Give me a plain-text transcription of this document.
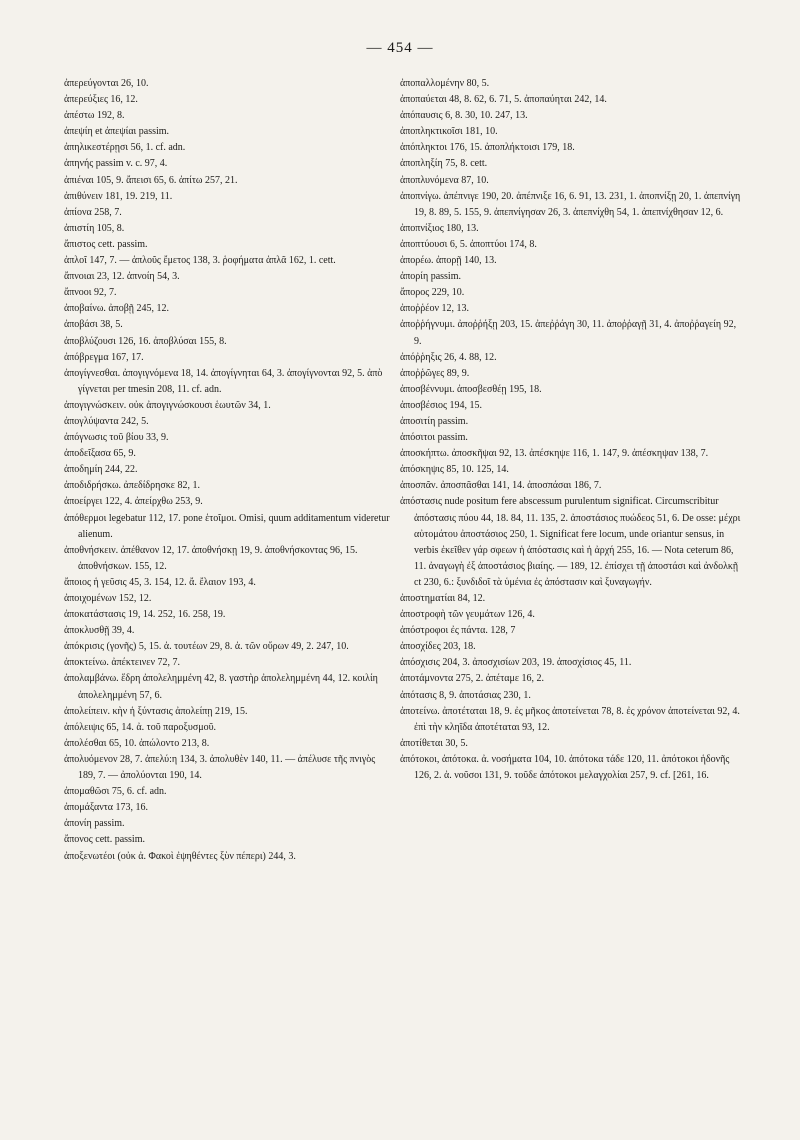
— 454 —
ἀπερεύγονται 26, 10.
ἀπερεύξιες 16, 12.
ἀπέστω 192, 8.
ἀπεψίη et ἀπεψίαι passim.
ἀπηλικεστέρῃσι 56, 1. cf. adn.
ἀπηνής passim v. c. 97, 4.
ἀπιέναι 105, 9. ἄπεισι 65, 6. ἀπίτω 257, 21.
ἀπιθύνειν 181, 19. 219, 11.
ἀπίονα 258, 7.
ἀπιστίη 105, 8.
ἄπιστος cett. passim.
ἀπλοῖ 147, 7. — ἁπλοῦς ἔμετος 138, 3. ῥοφήματα ἁπλᾶ 162, 1. cett.
ἄπνοιαι 23, 12. ἀπνοίη 54, 3.
ἄπνοοι 92, 7.
ἀποβαίνω. ἀποβῇ 245, 12.
ἀποβάσι 38, 5.
ἀποβλύζουσι 126, 16. ἀποβλύσαι 155, 8.
ἀπόβρεγμα 167, 17.
ἀπογίγνεσθαι. ἀπογιγνόμενα 18, 14. ἀπογίγνηται 64, 3. ἀπογίγνονται 92, 5. ἀπὸ γίγνεται per tmesin 208, 11. cf. adn.
ἀπογιγνώσκειν. οὐκ ἀπογιγνώσκουσι ἑωυτῶν 34, 1.
ἀπογλύψαντα 242, 5.
ἀπόγνωσις τοῦ βίου 33, 9.
ἀποδεῖξασα 65, 9.
ἀποδημίη 244, 22.
ἀποδιδρήσκω. ἀπεδίδρησκε 82, 1.
ἀποείργει 122, 4. ἀπείρχθω 253, 9.
ἀπόθερμοι legebatur 112, 17. pone ἑτοῖμοι. Omisi, quum additamentum videretur alienum.
ἀποθνήσκειν. ἀπέθανον 12, 17. ἀποθνήσκῃ 19, 9. ἀποθνήσκοντας 96, 15. ἀποθνήσκων. 155, 12.
ἄποιος ἡ γεῦσις 45, 3. 154, 12. ἄ. ἔλαιον 193, 4.
ἀποιχομένων 152, 12.
ἀποκατάστασις 19, 14. 252, 16. 258, 19.
ἀποκλυσθῇ 39, 4.
ἀπόκρισις (γονῆς) 5, 15. ἀ. τουτέων 29, 8. ἀ. τῶν οὔρων 49, 2. 247, 10.
ἀποκτείνω. ἀπέκτεινεν 72, 7.
ἀπολαμβάνω. ἕδρη ἀπολελημμένη 42, 8. γαστὴρ ἀπολελημμένη 44, 12. κοιλίη ἀπολελημμένη 57, 6.
ἀπολείπειν. κὴν ἡ ξύντασις ἀπολείπῃ 219, 15.
ἀπόλειψις 65, 14. ἀ. τοῦ παροξυσμοῦ.
ἀπολέσθαι 65, 10. ἀπώλοντο 213, 8.
ἀπολυόμενον 28, 7. ἀπελύ:η 134, 3. ἀπολυθὲν 140, 11. — ἀπέλυσε τῆς πνιγὸς 189, 7. — ἀπολύονται 190, 14.
ἀπομαθῶσι 75, 6. cf. adn.
ἀπομάξαντα 173, 16.
ἀπονίη passim.
ἄπονος cett. passim.
ἀποξενωτέοι (οὐκ ἀ. Φακοὶ ἐψηθέντες ξὺν πέπερι) 244, 3.
ἀποπαλλομένην 80, 5.
ἀποπαύεται 48, 8. 62, 6. 71, 5. ἀποπαύηται 242, 14.
ἀπόπαυσις 6, 8. 30, 10. 247, 13.
ἀποπληκτικοῖσι 181, 10.
ἀπόπληκτοι 176, 15. ἀποπλήκτοισι 179, 18.
ἀποπληξίη 75, 8. cett.
ἀποπλυνόμενα 87, 10.
ἀποπνίγω. ἀπέπνιγε 190, 20. ἀπέπνιξε 16, 6. 91, 13. 231, 1. ἀποπνίξῃ 20, 1. ἀπεπνίγη 19, 8. 89, 5. 155, 9. ἀπεπνίγησαν 26, 3. ἀπεπνίχθη 54, 1. ἀπεπνίχθησαν 12, 6.
ἀποπνίξιος 180, 13.
ἀποπτύουσι 6, 5. ἀποπτύοι 174, 8.
ἀπορέω. ἀπορῇ 140, 13.
ἀπορίη passim.
ἄπορος 229, 10.
ἀποῤῥέον 12, 13.
ἀποῤῥήγνυμι. ἀποῤῥήξῃ 203, 15. ἀπεῤῥάγη 30, 11. ἀποῤῥαγῇ 31, 4. ἀποῤῥαγείη 92, 9.
ἀπόῤῥηξις 26, 4. 88, 12.
ἀποῤῥῶγες 89, 9.
ἀποσβέννυμι. ἀποσβεσθέῃ 195, 18.
ἀποσβέσιος 194, 15.
ἀποσιτίη passim.
ἀπόσιτοι passim.
ἀποσκήπτω. ἀποσκῆψαι 92, 13. ἀπέσκηψε 116, 1. 147, 9. ἀπέσκηψαν 138, 7.
ἀπόσκηψις 85, 10. 125, 14.
ἀποσπᾶν. ἀποσπᾶσθαι 141, 14. ἀποσπάσαι 186, 7.
ἀπόστασις nude positum fere abscessum purulentum significat. Circumscribitur ἀπόστασις πύου 44, 18. 84, 11. 135, 2. ἀποστάσιος πυώδεος 51, 6. De osse: μέχρι αὐτομάτου ἀποστάσιος 250, 1. Significat fere locum, unde oriantur sensus, in verbis ἐκεῖθεν γάρ σφεων ἡ ἀπόστασις καὶ ἡ ἀρχή 255, 16. — Nota ceterum 86, 11. ἀναγωγὴ ἐξ ἀποστάσιος βιαίης. — 189, 12. ἐπίσχει τῇ ἀποστάσι καὶ ἀνδολκῇ ct 230, 6.: ξυνδιδοῖ τὰ ὑμένια ἐς ἀπόστασιν καὶ ξυναγωγήν.
ἀποστηματίαι 84, 12.
ἀποστροφὴ τῶν γευμάτων 126, 4.
ἀπόστροφοι ἐς πάντα. 128, 7
ἀποσχίδες 203, 18.
ἀπόσχισις 204, 3. ἀποσχισίων 203, 19. ἀποσχίσιος 45, 11.
ἀποτάμνοντα 275, 2. ἀπέταμε 16, 2.
ἀπότασις 8, 9. ἀποτάσιας 230, 1.
ἀποτείνω. ἀποτέταται 18, 9. ἐς μῆκος ἀποτείνεται 78, 8. ἐς χρόνον ἀποτείνεται 92, 4. ἐπὶ τὴν κληῖδα ἀποτέταται 93, 12.
ἀποτίθεται 30, 5.
ἀπότοκοι, ἀπότοκα. ἀ. νοσήματα 104, 10. ἀπότοκα τάδε 120, 11. ἀπότοκοι ἡδονῆς 126, 2. ἀ. νοῦσοι 131, 9. τοῦδε ἀπότοκοι μελαγχολίαι 257, 9. cf. [261, 16.
